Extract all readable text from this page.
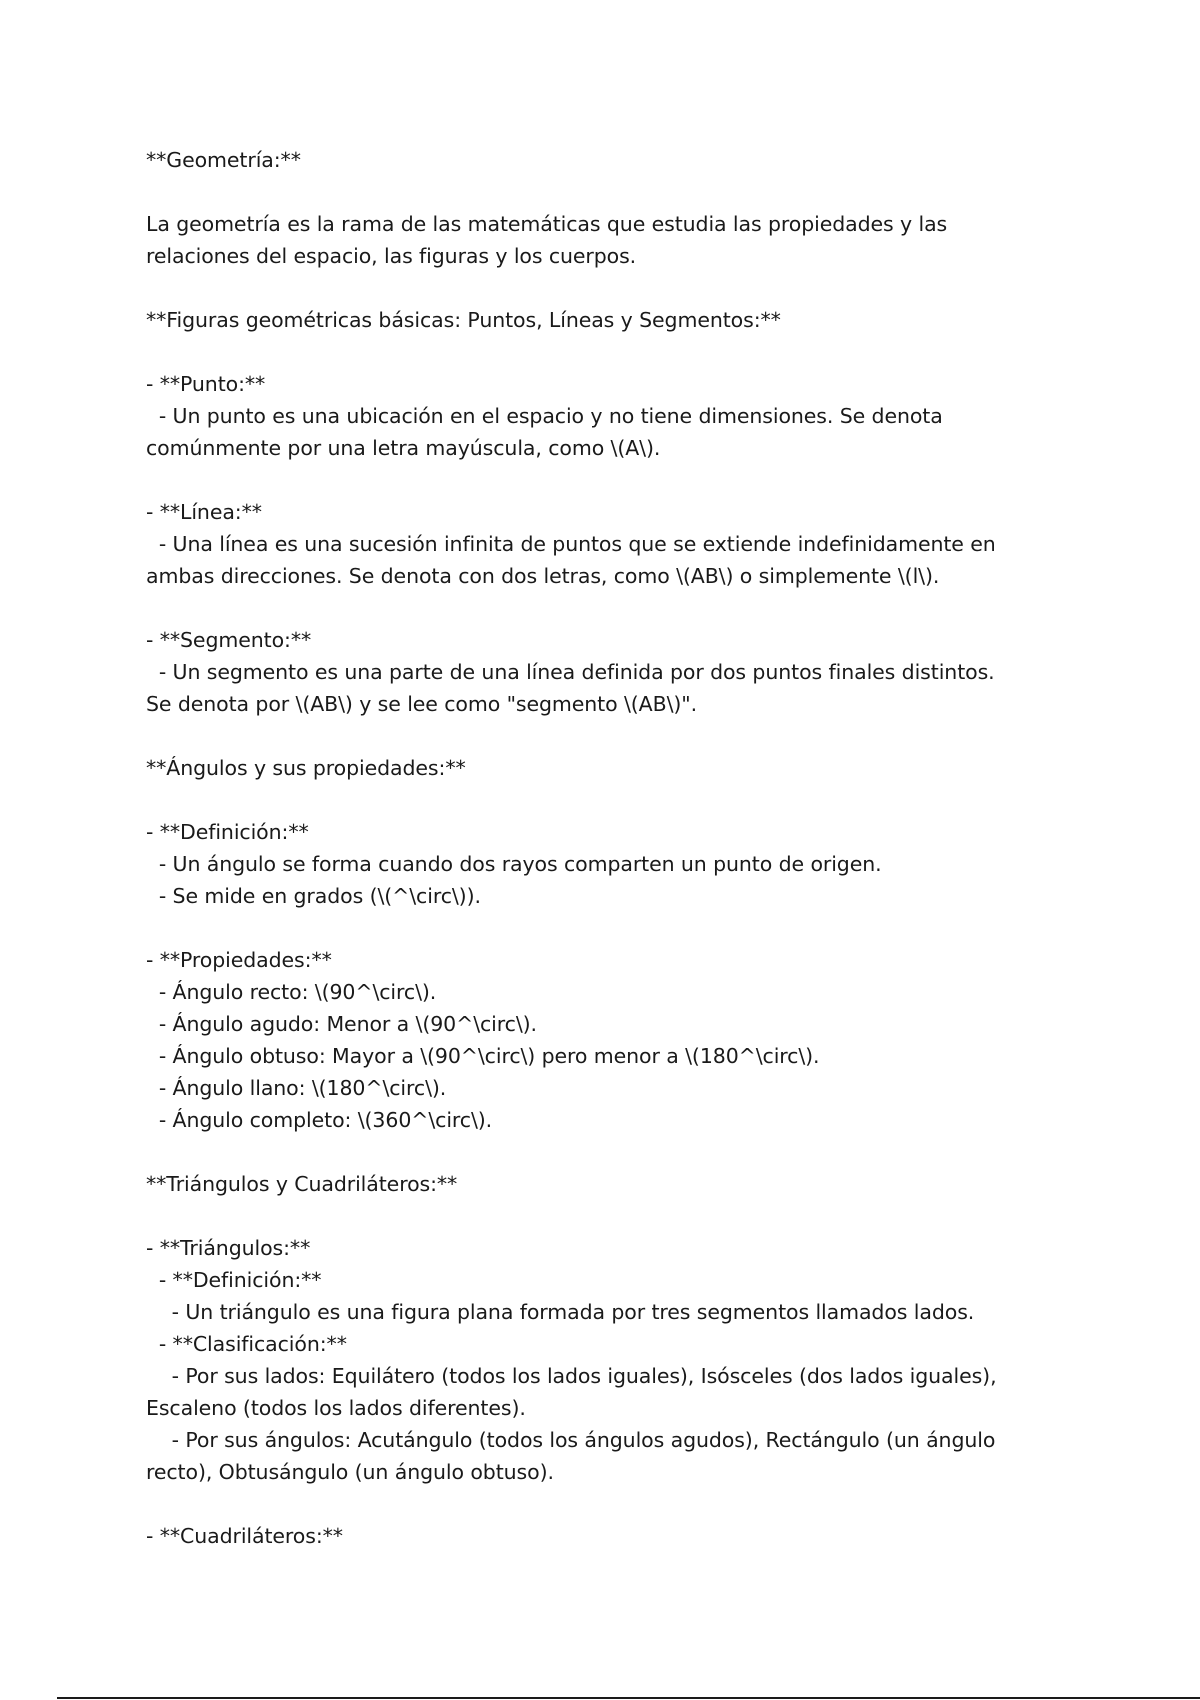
**Geometría:**
La geometría es la rama de las matemáticas que estudia las propiedades y las
relaciones del espacio, las figuras y los cuerpos.
**Figuras geométricas básicas: Puntos, Líneas y Segmentos:**
- **Punto:**
- Un punto es una ubicación en el espacio y no tiene dimensiones. Se denota
comúnmente por una letra mayúscula, como \(A\).
- **Línea:**
- Una línea es una sucesión infinita de puntos que se extiende indefinidamente en
ambas direcciones. Se denota con dos letras, como \(AB\) o simplemente \(l\).
- **Segmento:**
- Un segmento es una parte de una línea definida por dos puntos finales distintos.
Se denota por \(AB\) y se lee como "segmento \(AB\)".
**Ángulos y sus propiedades:**
- **Definición:**
- Un ángulo se forma cuando dos rayos comparten un punto de origen.
- Se mide en grados (\(^\circ\)).
- **Propiedades:**
- Ángulo recto: \(90^\circ\).
- Ángulo agudo: Menor a \(90^\circ\).
- Ángulo obtuso: Mayor a \(90^\circ\) pero menor a \(180^\circ\).
- Ángulo llano: \(180^\circ\).
- Ángulo completo: \(360^\circ\).
**Triángulos y Cuadriláteros:**
- **Triángulos:**
- **Definición:**
- Un triángulo es una figura plana formada por tres segmentos llamados lados.
- **Clasificación:**
- Por sus lados: Equilátero (todos los lados iguales), Isósceles (dos lados iguales),
Escaleno (todos los lados diferentes).
- Por sus ángulos: Acutángulo (todos los ángulos agudos), Rectángulo (un ángulo
recto), Obtusángulo (un ángulo obtuso).
- **Cuadriláteros:**
